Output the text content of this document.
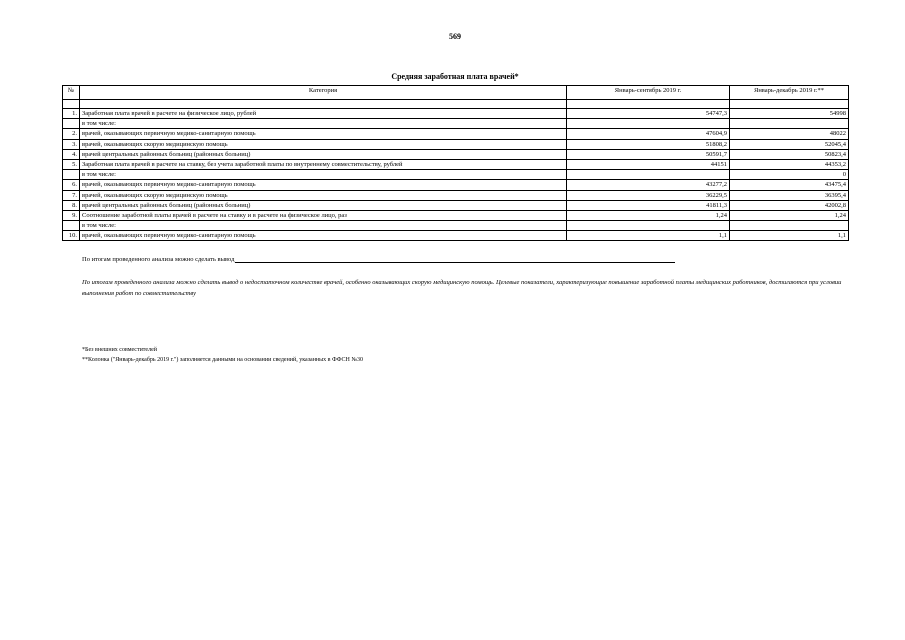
569
Средняя заработная плата врачей*
№	Категория	Январь-сентябрь 2019 г.	Январь-декабрь 2019 г.**

1.	Заработная плата врачей в расчете на физическое лицо, рублей	54747,3	54998
	в том числе:		
2.	врачей, оказывающих первичную медико-санитарную помощь	47604,9	48022
3.	врачей, оказывающих скорую медицинскую помощь	51808,2	52045,4
4.	врачей центральных районных больниц (районных больниц)	50591,7	50823,4
5.	Заработная плата врачей в расчете на ставку, без учета заработной платы по внутреннему совместительству, рублей	44151	44353,2
	в том числе:		0
6.	врачей, оказывающих первичную медико-санитарную помощь	43277,2	43475,4
7.	врачей, оказывающих скорую медицинскую помощь	36229,5	36395,4
8.	врачей центральных районных больниц (районных больниц)	41811,3	42002,8
9.	Соотношение заработной платы врачей в расчете на ставку и в расчете на физическое лицо, раз	1,24	1,24
	в том числе:		
10.	врачей, оказывающих первичную медико-санитарную помощь	1,1	1,1
По итогам проведенного анализа можно сделать вывод
По итогам проведенного анализа можно сделать вывод о недостаточном количестве врачей, особенно оказывающих скорую медицинскую помощь. Целевые показатели, характеризующие повышение заработной платы медицинских работников, достигаются при условии выполнения работ по совместительству
*Без внешних совместителей
**Колонка ("Январь-декабрь 2019 г.") заполняется данными на основании сведений, указанных в ФФСН №30
